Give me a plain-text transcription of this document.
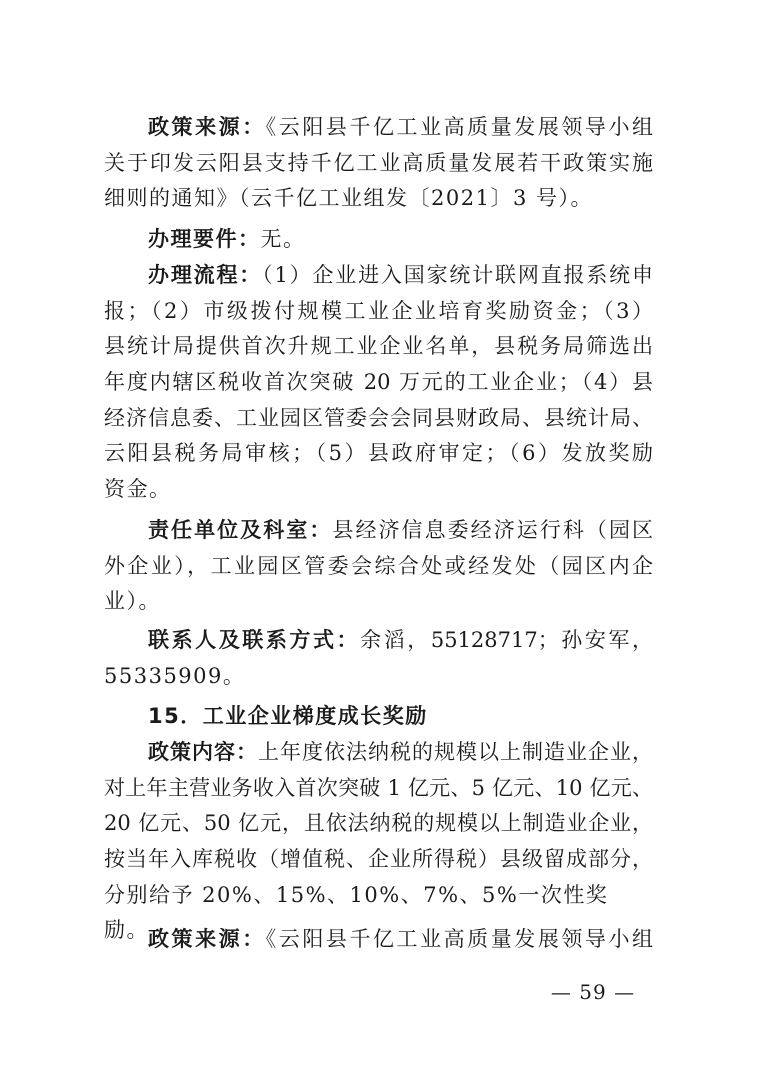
政策来源：《云阳县千亿工业高质量发展领导小组
关于印发云阳县支持千亿工业高质量发展若干政策实施
细则的通知》（云千亿工业组发〔2021〕3 号）。
办理要件：无。
办理流程：（1）企业进入国家统计联网直报系统申
报；（2）市级拨付规模工业企业培育奖励资金；（3）
县统计局提供首次升规工业企业名单，县税务局筛选出
年度内辖区税收首次突破 20 万元的工业企业；（4）县
经济信息委、工业园区管委会会同县财政局、县统计局、
云阳县税务局审核；（5）县政府审定；（6）发放奖励
资金。
责任单位及科室：县经济信息委经济运行科（园区
外企业），工业园区管委会综合处或经发处（园区内企
业）。
联系人及联系方式：余滔，55128717；孙安军，
55335909。
15．工业企业梯度成长奖励
政策内容：上年度依法纳税的规模以上制造业企业，
对上年主营业务收入首次突破 1 亿元、5 亿元、10 亿元、
20 亿元、50 亿元，且依法纳税的规模以上制造业企业，
按当年入库税收（增值税、企业所得税）县级留成部分，
分别给予 20%、15%、10%、7%、5%一次性奖励。 政策来源：《云阳县千亿工业高质量发展领导小组
— 59 —
